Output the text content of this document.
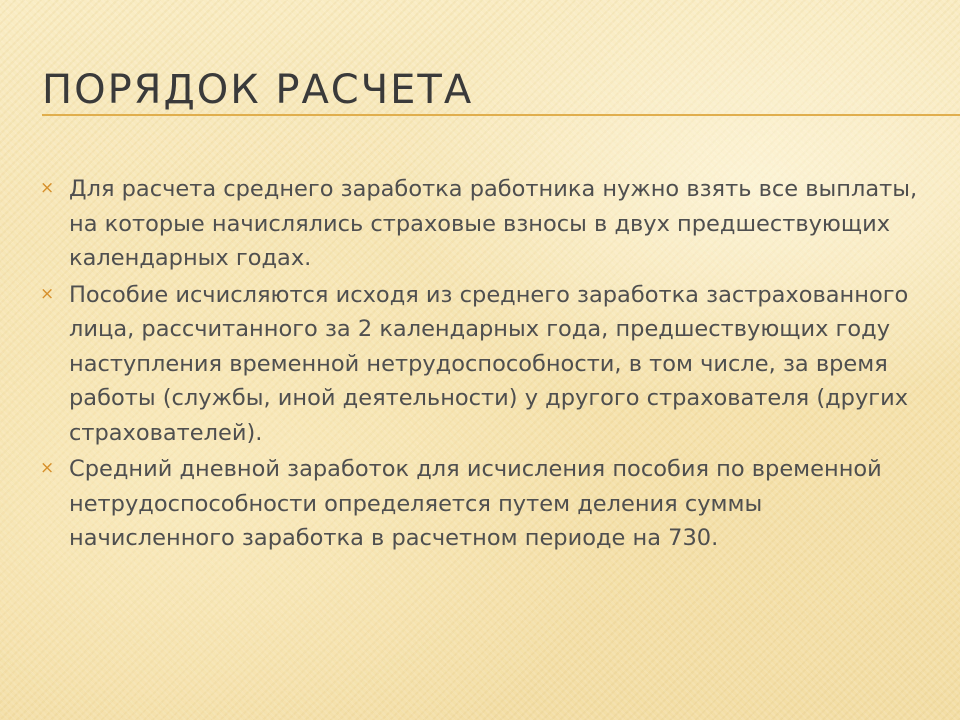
ПОРЯДОК РАСЧЕТА
× Для расчета среднего заработка работника нужно взять все выплаты, на которые начислялись страховые взносы в двух предшествующих календарных годах.
× Пособие исчисляются исходя из среднего заработка застрахованного лица, рассчитанного за 2 календарных года, предшествующих году наступления временной нетрудоспособности, в том числе, за время работы (службы, иной деятельности) у другого страхователя (других страхователей).
× Средний дневной заработок для исчисления пособия по временной нетрудоспособности определяется путем деления суммы начисленного заработка в расчетном периоде на 730.
